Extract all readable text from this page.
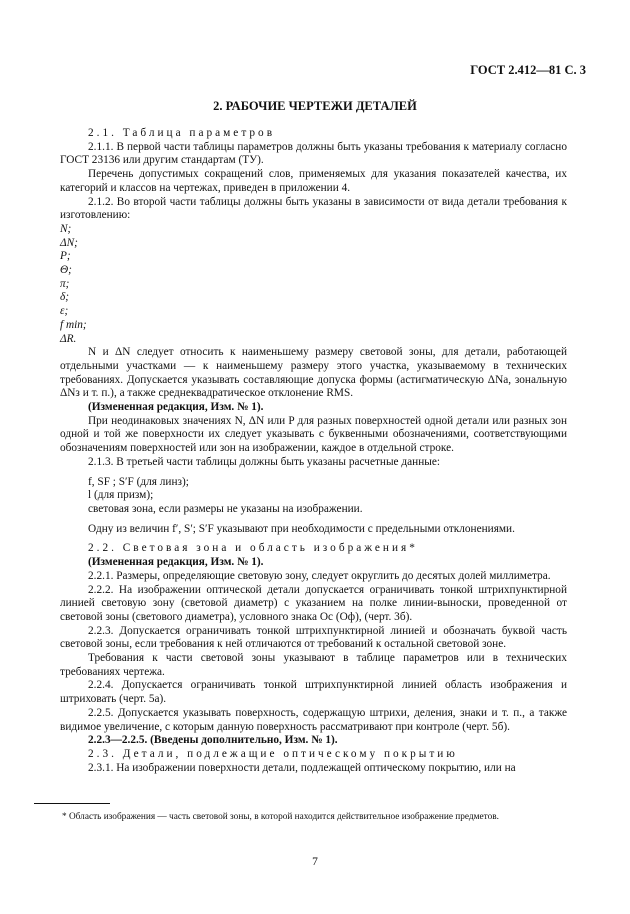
ГОСТ 2.412—81 С. 3
2. РАБОЧИЕ ЧЕРТЕЖИ ДЕТАЛЕЙ

2.1. Таблица параметров

2.1.1. В первой части таблицы параметров должны быть указаны требования к материалу согласно ГОСТ 23136 или другим стандартам (ТУ).

Перечень допустимых сокращений слов, применяемых для указания показателей качества, их категорий и классов на чертежах, приведен в приложении 4.

2.1.2. Во второй части таблицы должны быть указаны в зависимости от вида детали требования к изготовлению:

N;
ΔN;
P;
Θ;
π;
δ;
ε;
f min;
ΔR.

N и ΔN следует относить к наименьшему размеру световой зоны, для детали, работающей отдельными участками — к наименьшему размеру этого участка, указываемому в технических требованиях. Допускается указывать составляющие допуска формы (астигматическую ΔNа, зональную ΔNз и т. п.), а также среднеквадратическое отклонение RMS.

(Измененная редакция, Изм. № 1).

При неодинаковых значениях N, ΔN или P для разных поверхностей одной детали или разных зон одной и той же поверхности их следует указывать с буквенными обозначениями, соответствующими обозначениям поверхностей или зон на изображении, каждое в отдельной строке.

2.1.3. В третьей части таблицы должны быть указаны расчетные данные:

f, SF ; S′F (для линз);

l (для призм);

световая зона, если размеры не указаны на изображении.

Одну из величин f′, S′; S′F указывают при необходимости с предельными отклонениями.

2.2. Световая зона и область изображения*

(Измененная редакция, Изм. № 1).

2.2.1. Размеры, определяющие световую зону, следует округлить до десятых долей миллиметра.

2.2.2. На изображении оптической детали допускается ограничивать тонкой штрихпунктирной линией световую зону (световой диаметр) с указанием на полке линии-выноски, проведенной от световой зоны (светового диаметра), условного знака Ос (Оф), (черт. 3б).

2.2.3. Допускается ограничивать тонкой штрихпунктирной линией и обозначать буквой часть световой зоны, если требования к ней отличаются от требований к остальной световой зоне.

Требования к части световой зоны указывают в таблице параметров или в технических требованиях чертежа.

2.2.4. Допускается ограничивать тонкой штрихпунктирной линией область изображения и штриховать (черт. 5а).

2.2.5. Допускается указывать поверхность, содержащую штрихи, деления, знаки и т. п., а также видимое увеличение, с которым данную поверхность рассматривают при контроле (черт. 5б).

2.2.3—2.2.5. (Введены дополнительно, Изм. № 1).

2.3. Детали, подлежащие оптическому покрытию

2.3.1. На изображении поверхности детали, подлежащей оптическому покрытию, или на

* Область изображения — часть световой зоны, в которой находится действительное изображение предметов.
7
